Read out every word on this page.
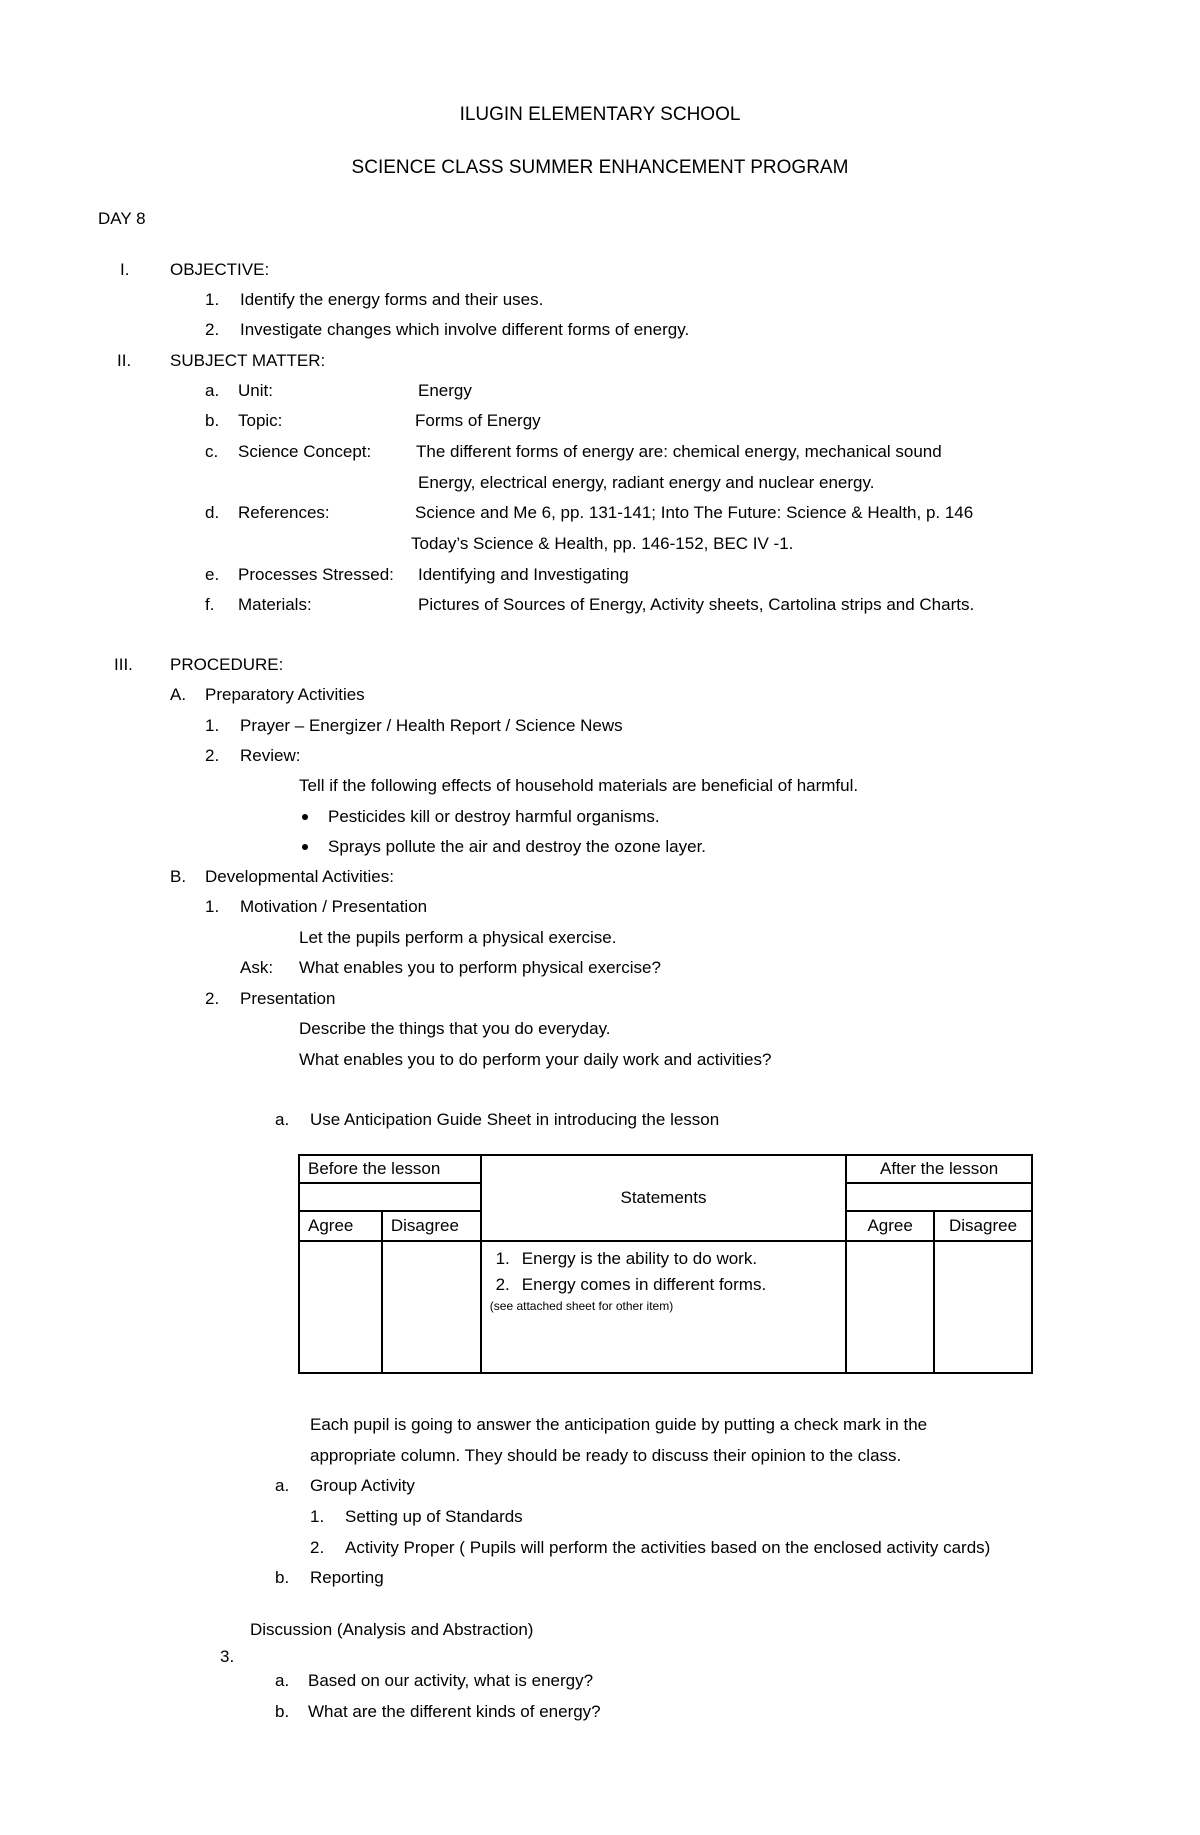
ILUGIN ELEMENTARY SCHOOL
SCIENCE CLASS SUMMER ENHANCEMENT PROGRAM
DAY 8
I. OBJECTIVE:
1. Identify the energy forms and their uses.
2. Investigate changes which involve different forms of energy.
II. SUBJECT MATTER:
a. Unit:	Energy
b. Topic:	Forms of Energy
c. Science Concept:	The different forms of energy are: chemical energy, mechanical sound
Energy, electrical energy, radiant energy and nuclear energy.
d. References:	Science and Me 6, pp. 131-141; Into The Future: Science & Health, p. 146
Today’s Science & Health, pp. 146-152, BEC IV -1.
e. Processes Stressed: Identifying and Investigating
f. Materials:	Pictures of Sources of Energy, Activity sheets, Cartolina strips and Charts.
III. PROCEDURE:
A. Preparatory Activities
1. Prayer – Energizer / Health Report / Science News
2. Review:
Tell if the following effects of household materials are beneficial of harmful.
Pesticides kill or destroy harmful organisms.
Sprays pollute the air and destroy the ozone layer.
B. Developmental Activities:
1. Motivation / Presentation
Let the pupils perform a physical exercise.
Ask: What enables you to perform physical exercise?
2. Presentation
Describe the things that you do everyday.
What enables you to do perform your daily work and activities?
a. Use Anticipation Guide Sheet in introducing the lesson
Before the lesson		Statements	After the lesson	

Agree	Disagree		Agree	Disagree

		1. Energy is the ability to do work.
2. Energy comes in different forms.
(see attached sheet for other item)		

Each pupil is going to answer the anticipation guide by putting a check mark in the
appropriate column. They should be ready to discuss their opinion to the class.
a. Group Activity
1. Setting up of Standards
2. Activity Proper ( Pupils will perform the activities based on the enclosed activity cards)
b. Reporting
Discussion (Analysis and Abstraction)
3.
a. Based on our activity, what is energy?
b. What are the different kinds of energy?
